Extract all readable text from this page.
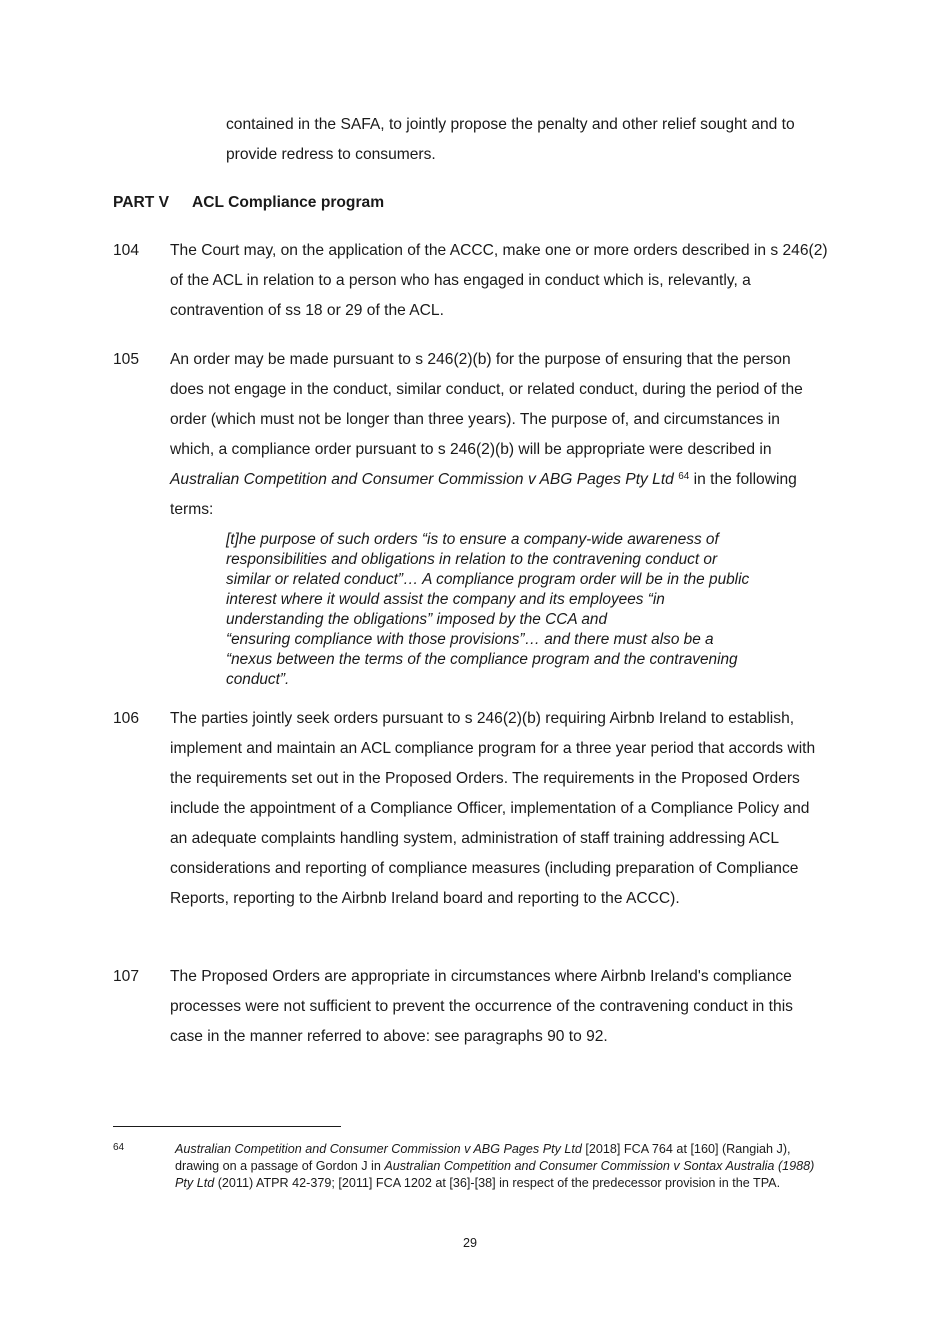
contained in the SAFA, to jointly propose the penalty and other relief sought and to provide redress to consumers.
PART V ACL Compliance program
104	The Court may, on the application of the ACCC, make one or more orders described in s 246(2) of the ACL in relation to a person who has engaged in conduct which is, relevantly, a contravention of ss 18 or 29 of the ACL.
105	An order may be made pursuant to s 246(2)(b) for the purpose of ensuring that the person does not engage in the conduct, similar conduct, or related conduct, during the period of the order (which must not be longer than three years). The purpose of, and circumstances in which, a compliance order pursuant to s 246(2)(b) will be appropriate were described in Australian Competition and Consumer Commission v ABG Pages Pty Ltd $^{64}$ in the following terms:
[t]he purpose of such orders “is to ensure a company-wide awareness of
responsibilities and obligations in relation to the contravening conduct or
similar or related conduct”… A compliance program order will be in the public
interest where it would assist the company and its employees “in
understanding the obligations” imposed by the CCA and
“ensuring compliance with those provisions”… and there must also be a
“nexus between the terms of the compliance program and the contravening
conduct”.
106	The parties jointly seek orders pursuant to s 246(2)(b) requiring Airbnb Ireland to establish, implement and maintain an ACL compliance program for a three year period that accords with the requirements set out in the Proposed Orders. The requirements in the Proposed Orders include the appointment of a Compliance Officer, implementation of a Compliance Policy and an adequate complaints handling system, administration of staff training addressing ACL considerations and reporting of compliance measures (including preparation of Compliance Reports, reporting to the Airbnb Ireland board and reporting to the ACCC).
107	The Proposed Orders are appropriate in circumstances where Airbnb Ireland's compliance processes were not sufficient to prevent the occurrence of the contravening conduct in this case in the manner referred to above: see paragraphs 90 to 92.
64	Australian Competition and Consumer Commission v ABG Pages Pty Ltd [2018] FCA 764 at [160] (Rangiah J), drawing on a passage of Gordon J in Australian Competition and Consumer Commission v Sontax Australia (1988) Pty Ltd (2011) ATPR 42-379; [2011] FCA 1202 at [36]-[38] in respect of the predecessor provision in the TPA.
29
